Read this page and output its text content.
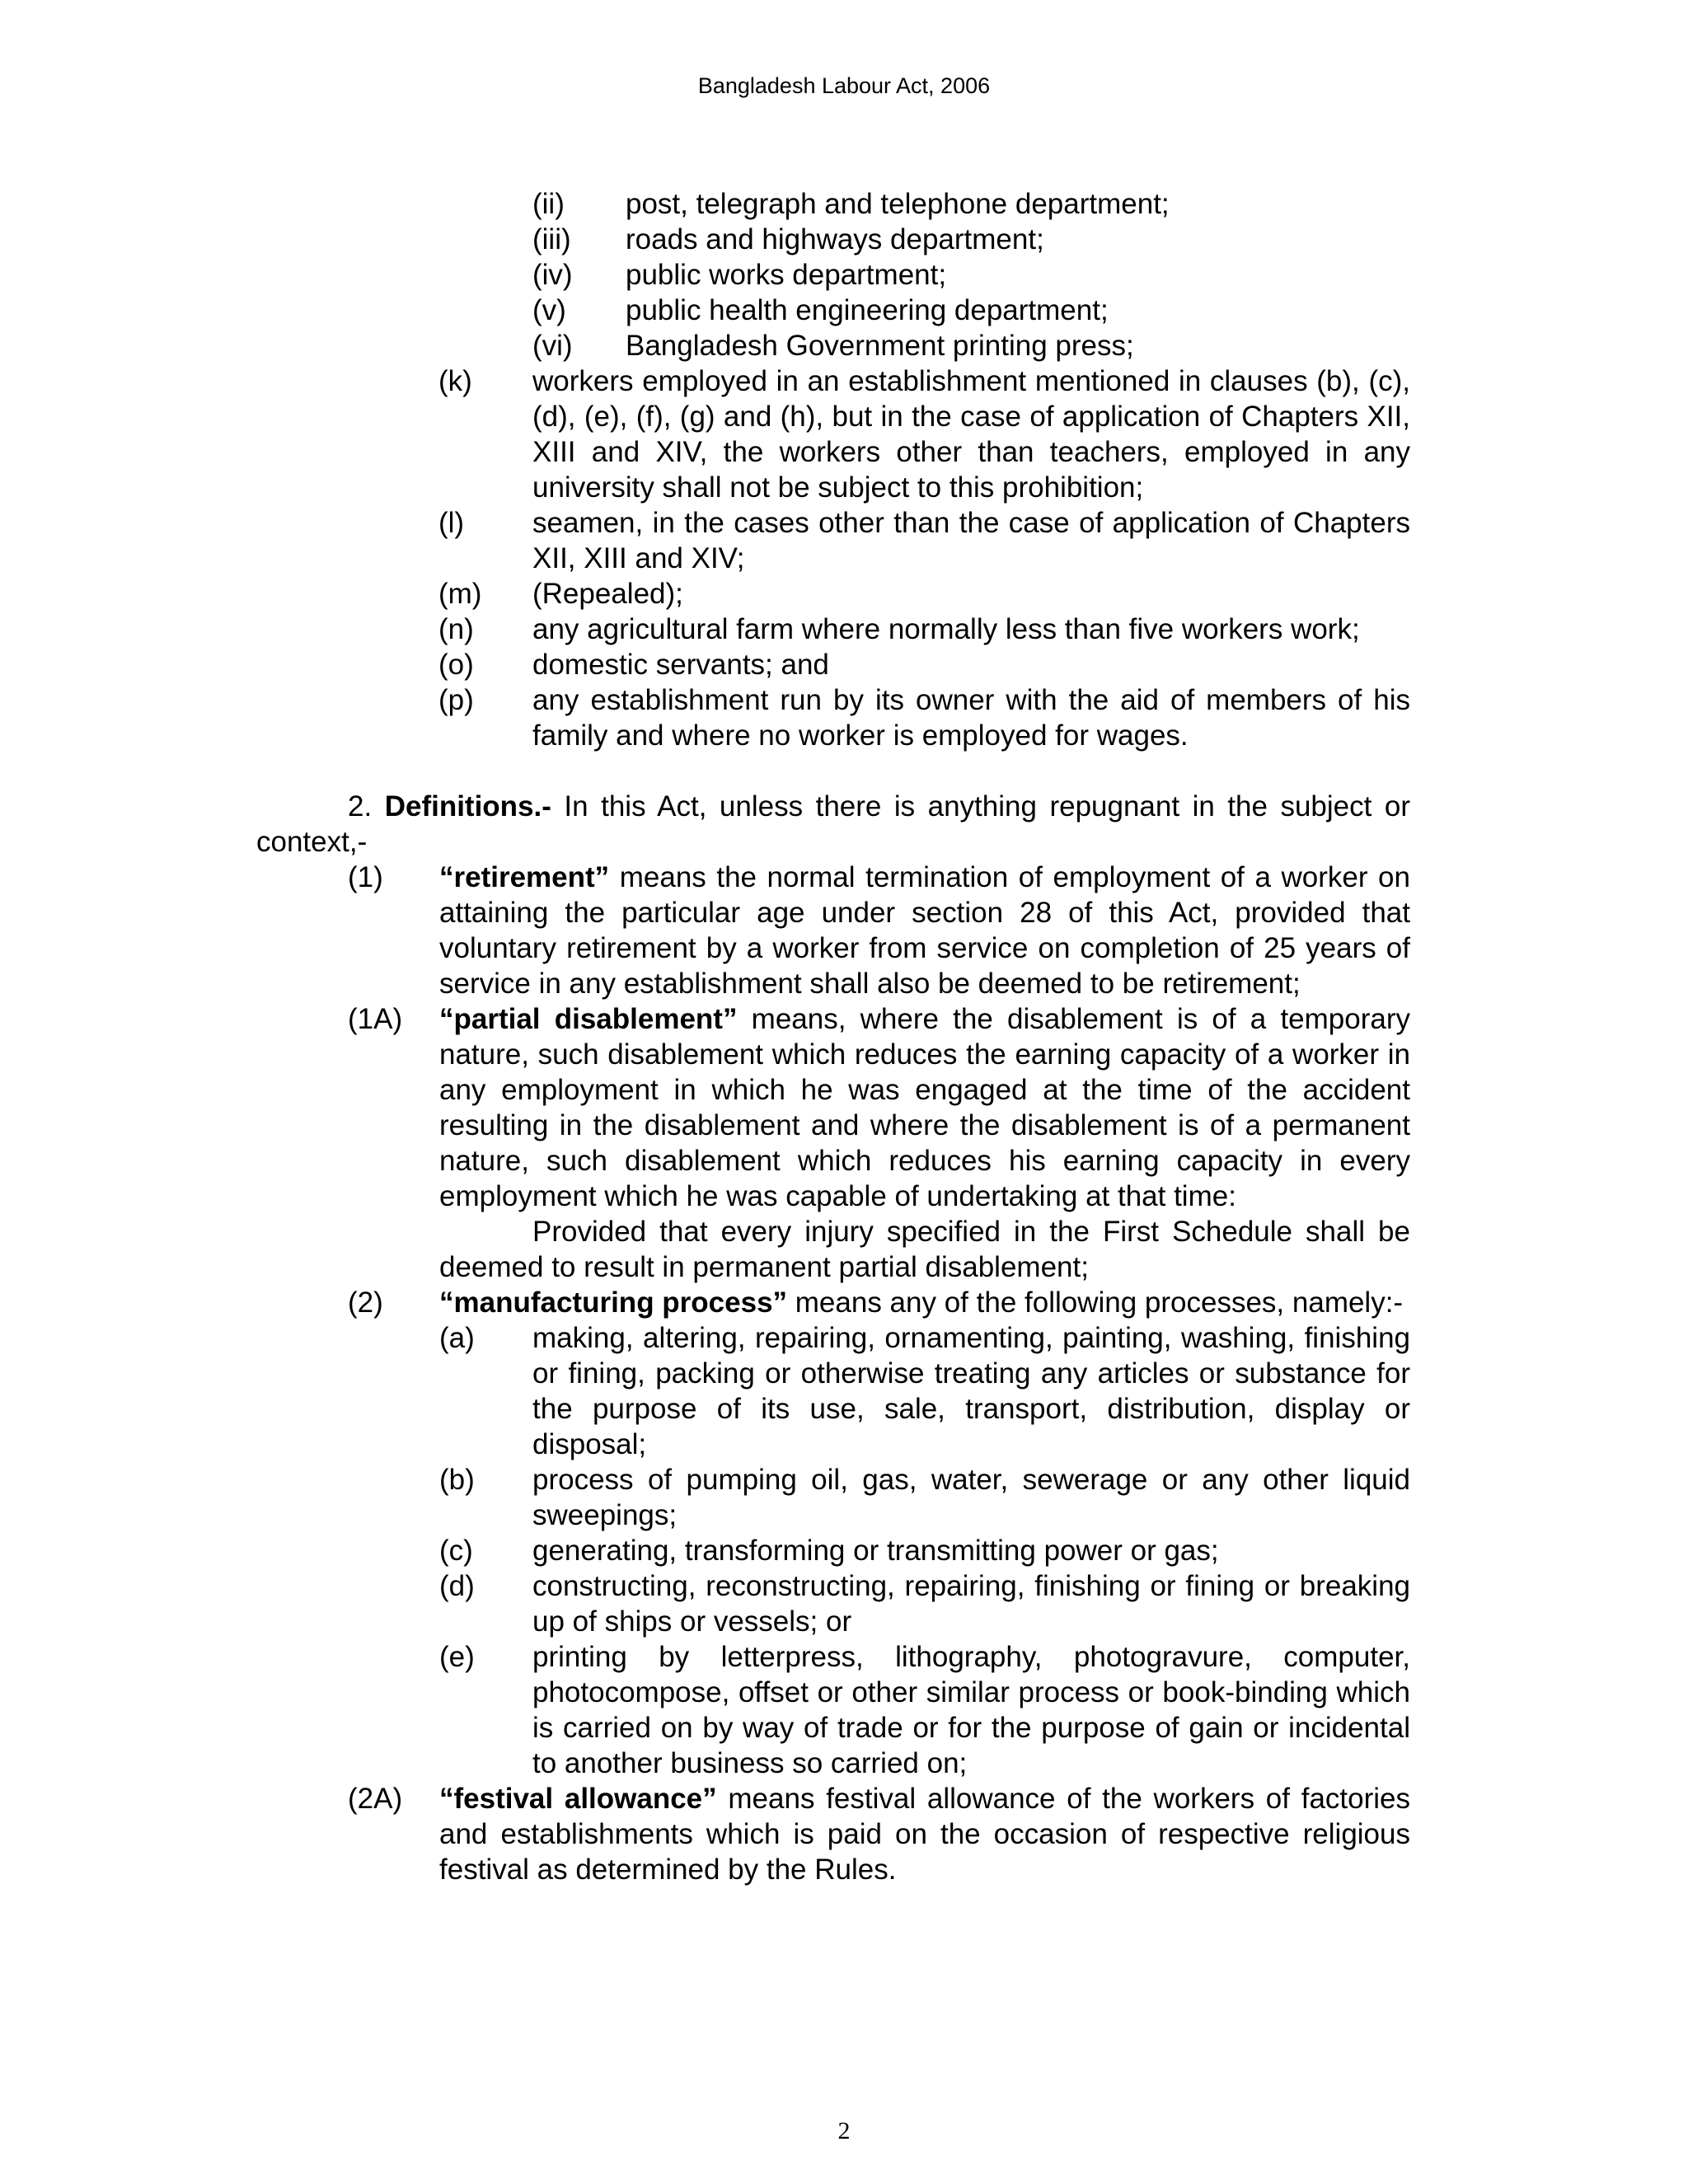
Bangladesh Labour Act, 2006
(ii) post, telegraph and telephone department;
(iii) roads and highways department;
(iv) public works department;
(v) public health engineering department;
(vi) Bangladesh Government printing press;
(k) workers employed in an establishment mentioned in clauses (b), (c), (d), (e), (f), (g) and (h), but in the case of application of Chapters XII, XIII and XIV, the workers other than teachers, employed in any university shall not be subject to this prohibition;
(l) seamen, in the cases other than the case of application of Chapters XII, XIII and XIV;
(m) (Repealed);
(n) any agricultural farm where normally less than five workers work;
(o) domestic servants; and
(p) any establishment run by its owner with the aid of members of his family and where no worker is employed for wages.
2. Definitions.- In this Act, unless there is anything repugnant in the subject or context,-
(1) “retirement” means the normal termination of employment of a worker on attaining the particular age under section 28 of this Act, provided that voluntary retirement by a worker from service on completion of 25 years of service in any establishment shall also be deemed to be retirement;
(1A) “partial disablement” means, where the disablement is of a temporary nature, such disablement which reduces the earning capacity of a worker in any employment in which he was engaged at the time of the accident resulting in the disablement and where the disablement is of a permanent nature, such disablement which reduces his earning capacity in every employment which he was capable of undertaking at that time:
Provided that every injury specified in the First Schedule shall be deemed to result in permanent partial disablement;
(2) “manufacturing process” means any of the following processes, namely:-
(a) making, altering, repairing, ornamenting, painting, washing, finishing or fining, packing or otherwise treating any articles or substance for the purpose of its use, sale, transport, distribution, display or disposal;
(b) process of pumping oil, gas, water, sewerage or any other liquid sweepings;
(c) generating, transforming or transmitting power or gas;
(d) constructing, reconstructing, repairing, finishing or fining or breaking up of ships or vessels; or
(e) printing by letterpress, lithography, photogravure, computer, photocompose, offset or other similar process or book-binding which is carried on by way of trade or for the purpose of gain or incidental to another business so carried on;
(2A) “festival allowance” means festival allowance of the workers of factories and establishments which is paid on the occasion of respective religious festival as determined by the Rules.
2
